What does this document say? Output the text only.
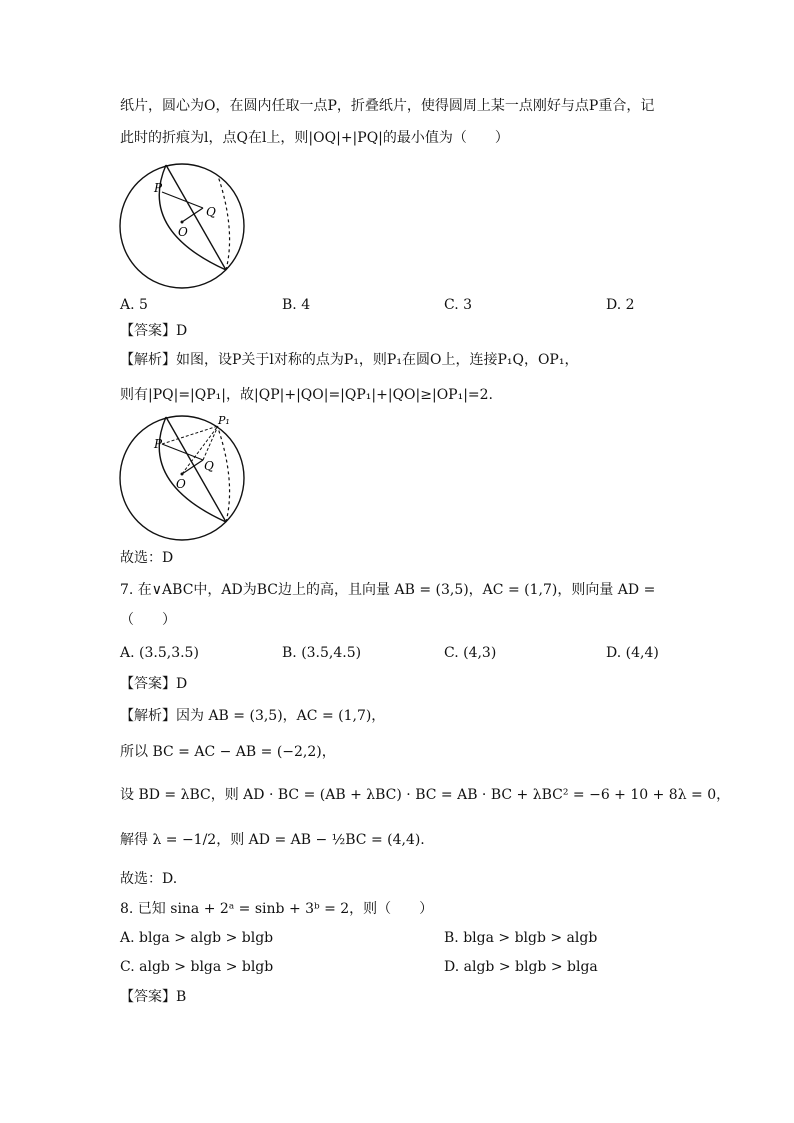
纸片，圆心为O，在圆内任取一点P，折叠纸片，使得圆周上某一点刚好与点P重合，记
此时的折痕为l，点Q在l上，则|OQ|+|PQ|的最小值为（　　）
P
Q
O
A. 5	B. 4	C. 3	D. 2
【答案】D
【解析】如图，设P关于l对称的点为P₁，则P₁在圆O上，连接P₁Q，OP₁，
则有|PQ|=|QP₁|，故|QP|+|QO|=|QP₁|+|QO|≥|OP₁|=2.
P
P₁
Q
O
故选：D
7. 在∨ABC中，AD为BC边上的高，且向量 AB = (3,5)，AC = (1,7)，则向量 AD =
（　　）
A. (3.5,3.5)	B. (3.5,4.5)	C. (4,3)	D. (4,4)
【答案】D
【解析】因为 AB = (3,5)，AC = (1,7)，
所以 BC = AC − AB = (−2,2)，
设 BD = λBC，则 AD · BC = (AB + λBC) · BC = AB · BC + λBC² = −6 + 10 + 8λ = 0，
解得 λ = −1/2，则 AD = AB − ½BC = (4,4).
故选：D.
8. 已知 sina + 2ᵃ = sinb + 3ᵇ = 2，则（　　）
A. blga > algb > blgb	B. blga > blgb > algb
C. algb > blga > blgb	D. algb > blgb > blga
【答案】B
